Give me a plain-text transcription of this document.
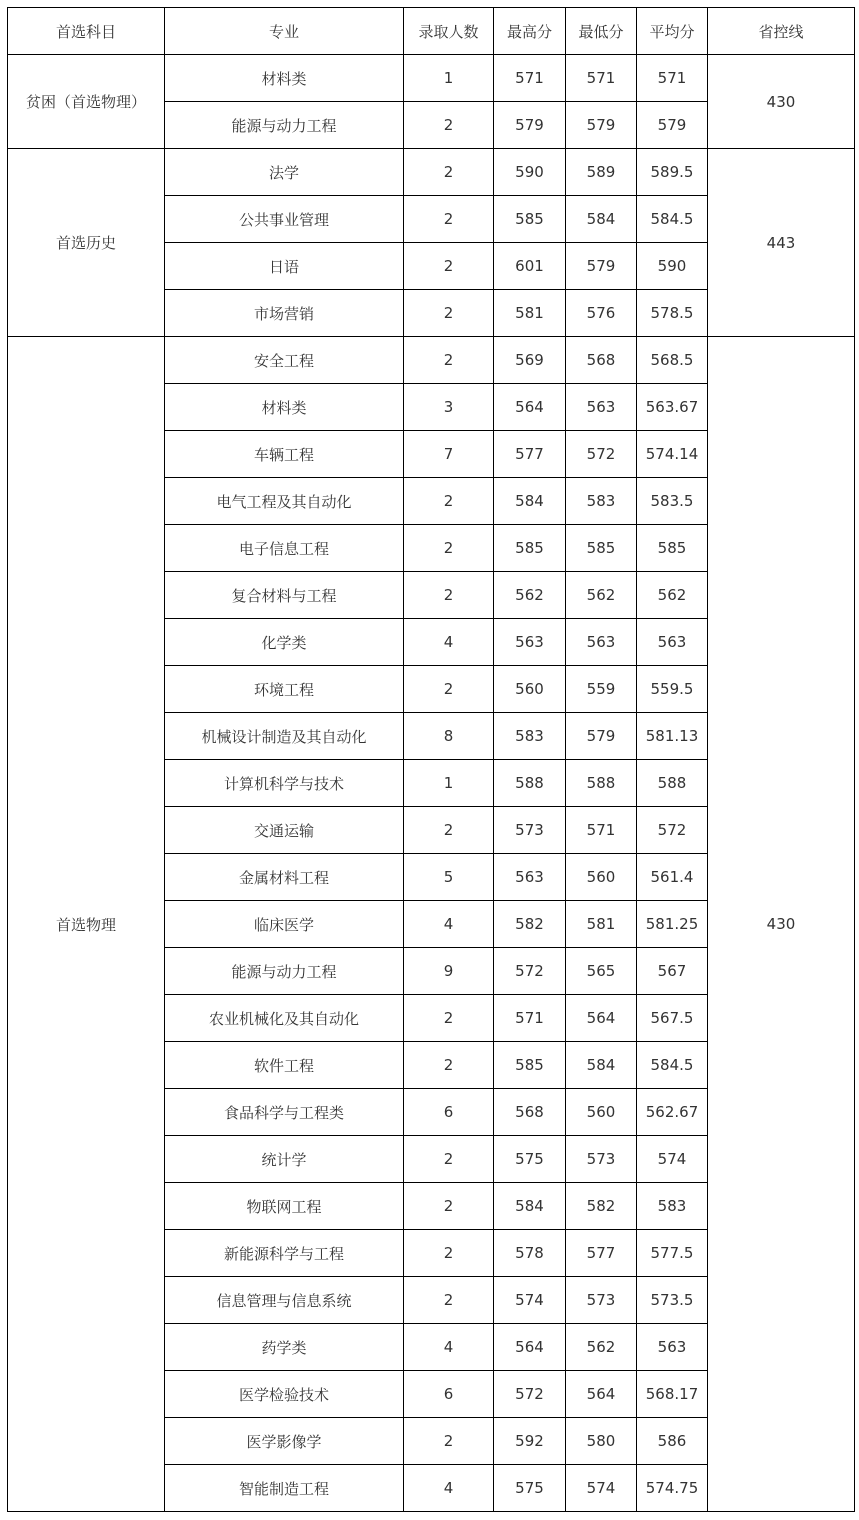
首选科目	专业	录取人数	最高分	最低分	平均分	省控线
贫困（首选物理）	材料类	1	571	571	571	430
	能源与动力工程	2	579	579	579	
首选历史	法学	2	590	589	589.5	443
	公共事业管理	2	585	584	584.5	
	日语	2	601	579	590	
	市场营销	2	581	576	578.5	
首选物理	安全工程	2	569	568	568.5	430
	材料类	3	564	563	563.67	
	车辆工程	7	577	572	574.14	
	电气工程及其自动化	2	584	583	583.5	
	电子信息工程	2	585	585	585	
	复合材料与工程	2	562	562	562	
	化学类	4	563	563	563	
	环境工程	2	560	559	559.5	
	机械设计制造及其自动化	8	583	579	581.13	
	计算机科学与技术	1	588	588	588	
	交通运输	2	573	571	572	
	金属材料工程	5	563	560	561.4	
	临床医学	4	582	581	581.25	
	能源与动力工程	9	572	565	567	
	农业机械化及其自动化	2	571	564	567.5	
	软件工程	2	585	584	584.5	
	食品科学与工程类	6	568	560	562.67	
	统计学	2	575	573	574	
	物联网工程	2	584	582	583	
	新能源科学与工程	2	578	577	577.5	
	信息管理与信息系统	2	574	573	573.5	
	药学类	4	564	562	563	
	医学检验技术	6	572	564	568.17	
	医学影像学	2	592	580	586	
	智能制造工程	4	575	574	574.75	
